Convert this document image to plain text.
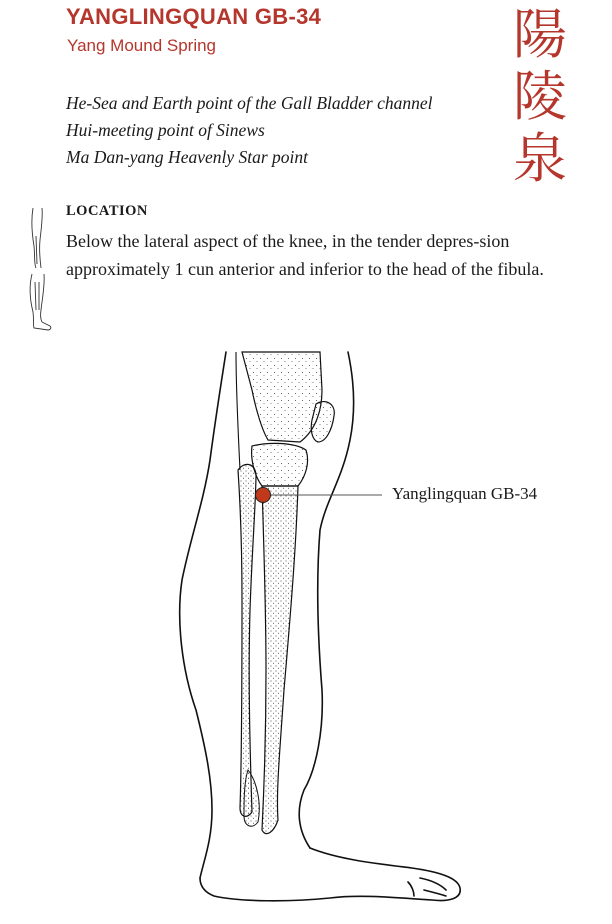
YANGLINGQUAN GB-34
Yang Mound Spring
He-Sea and Earth point of the Gall Bladder channel
Hui-meeting point of Sinews
Ma Dan-yang Heavenly Star point
陽
陵
泉
LOCATION
Below the lateral aspect of the knee, in the tender depres-sion approximately 1 cun anterior and inferior to the head of the fibula.
Yanglingquan GB-34
